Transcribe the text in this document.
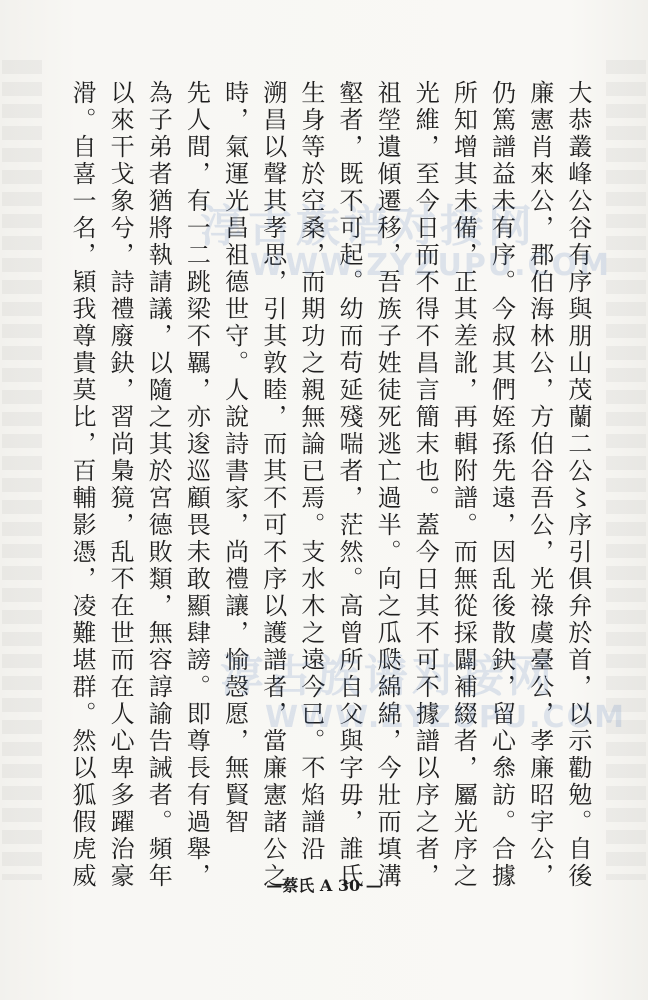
大恭叢峰公谷有序與朋山茂蘭二公〻序引俱弁於首，以示勸勉。自後
廉憲肖來公，郡伯海林公，方伯谷吾公，光祿虞臺公，孝廉昭宇公，
仍篤譜益未有序。今叔其們姪孫先遠，因乱後散鈌，留心叅訪。合據
所知增其未備，正其差訛，再輯附譜。而無從採闢補綴者，屬光序之
光維，至今日而不得不昌言簡末也。蓋今日其不可不據譜以序之者，
祖塋遺傾遷移，吾族子姓徒死逃亡過半。向之瓜瓞綿綿，今壯而填溝
壑者，既不可起。幼而苟延殘喘者，茫然。高曾所自父與字毋，誰氏
生身等於空桑，而期功之親無論已焉。支水木之遠今已。不焰譜沿
溯昌以聲其孝思，引其敦睦，而其不可不序以護譜者，當廉憲諸公之
時，氣運光昌祖德世守。人說詩書家，尚禮讓，愉愨愿，無賢智
先人間，有一二跳梁不羈，亦逡巡顧畏未敢顯肆謗。即尊長有過舉，
為子弟者猶將執請議，以隨之其於宮德敗類，無容諄諭告誡者。頻年
以來干戈象兮，詩禮廢鈌，習尚梟獍，乱不在世而在人心卑多躍治豪
滑。自喜一名，穎我尊貴莫比，百輔影憑，凌難堪群。然以狐假虎威 淳古族谱对接网
WWW.ZYZUPU.COM
淳古族谱对接网
WWW.ZYZUPU.COM
—蔡氏 A 30 —
